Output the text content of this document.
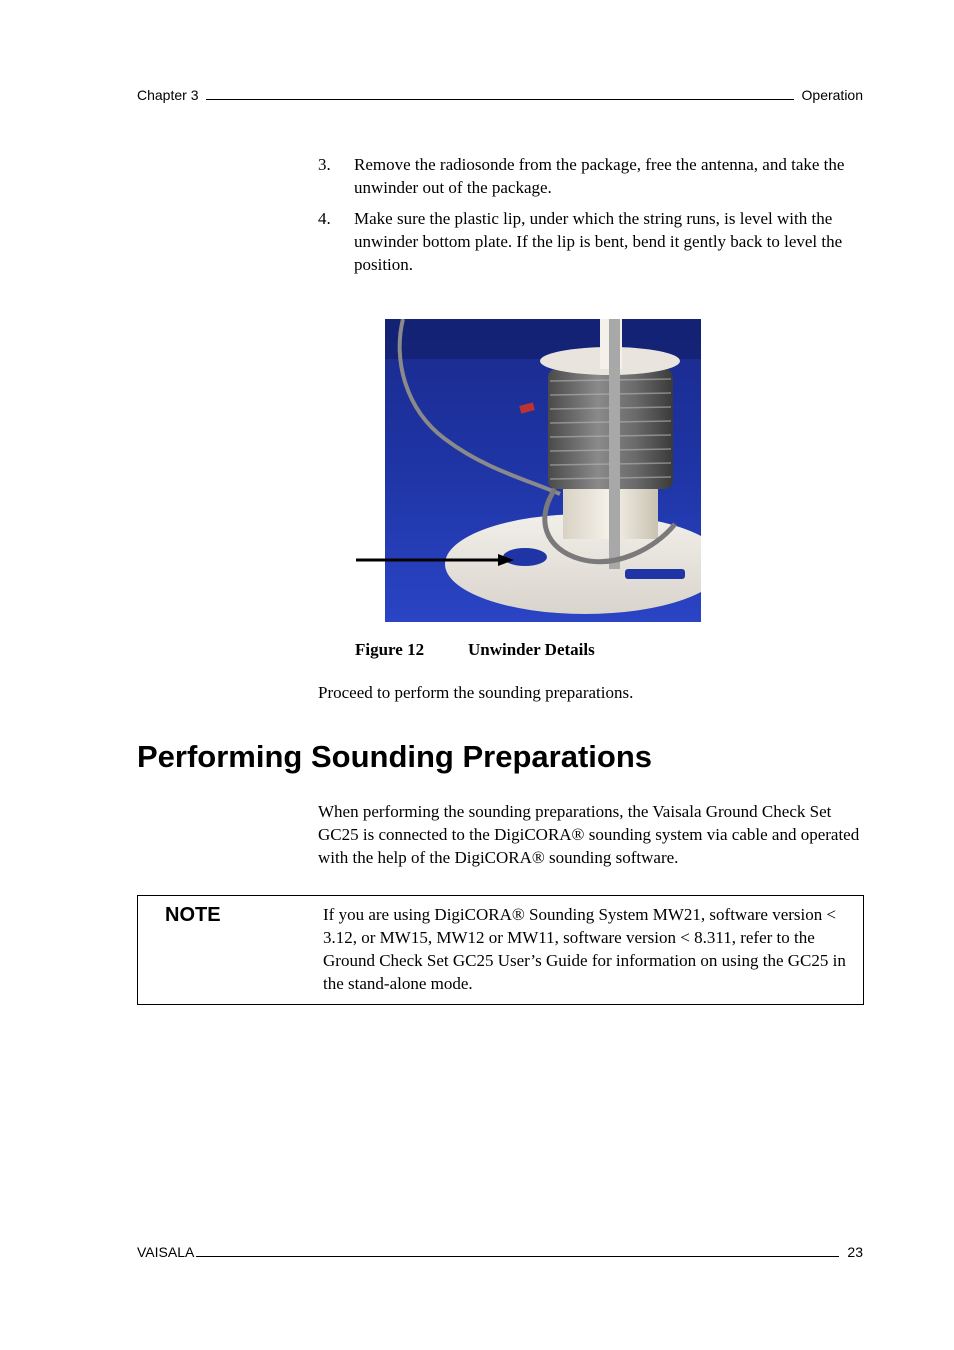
Chapter 3	Operation
3.	Remove the radiosonde from the package, free the antenna, and take the unwinder out of the package.
4.	Make sure the plastic lip, under which the string runs, is level with the unwinder bottom plate. If the lip is bent, bend it gently back to level the position.
Figure 12	Unwinder Details
Proceed to perform the sounding preparations.
Performing Sounding Preparations
When performing the sounding preparations, the Vaisala Ground Check Set GC25 is connected to the DigiCORA® sounding system via cable and operated with the help of the DigiCORA® sounding software.
NOTE	If you are using DigiCORA® Sounding System MW21, software version < 3.12, or MW15, MW12 or MW11, software version < 8.311, refer to the Ground Check Set GC25 User’s Guide for information on using the GC25 in the stand-alone mode.
VAISALA	23
